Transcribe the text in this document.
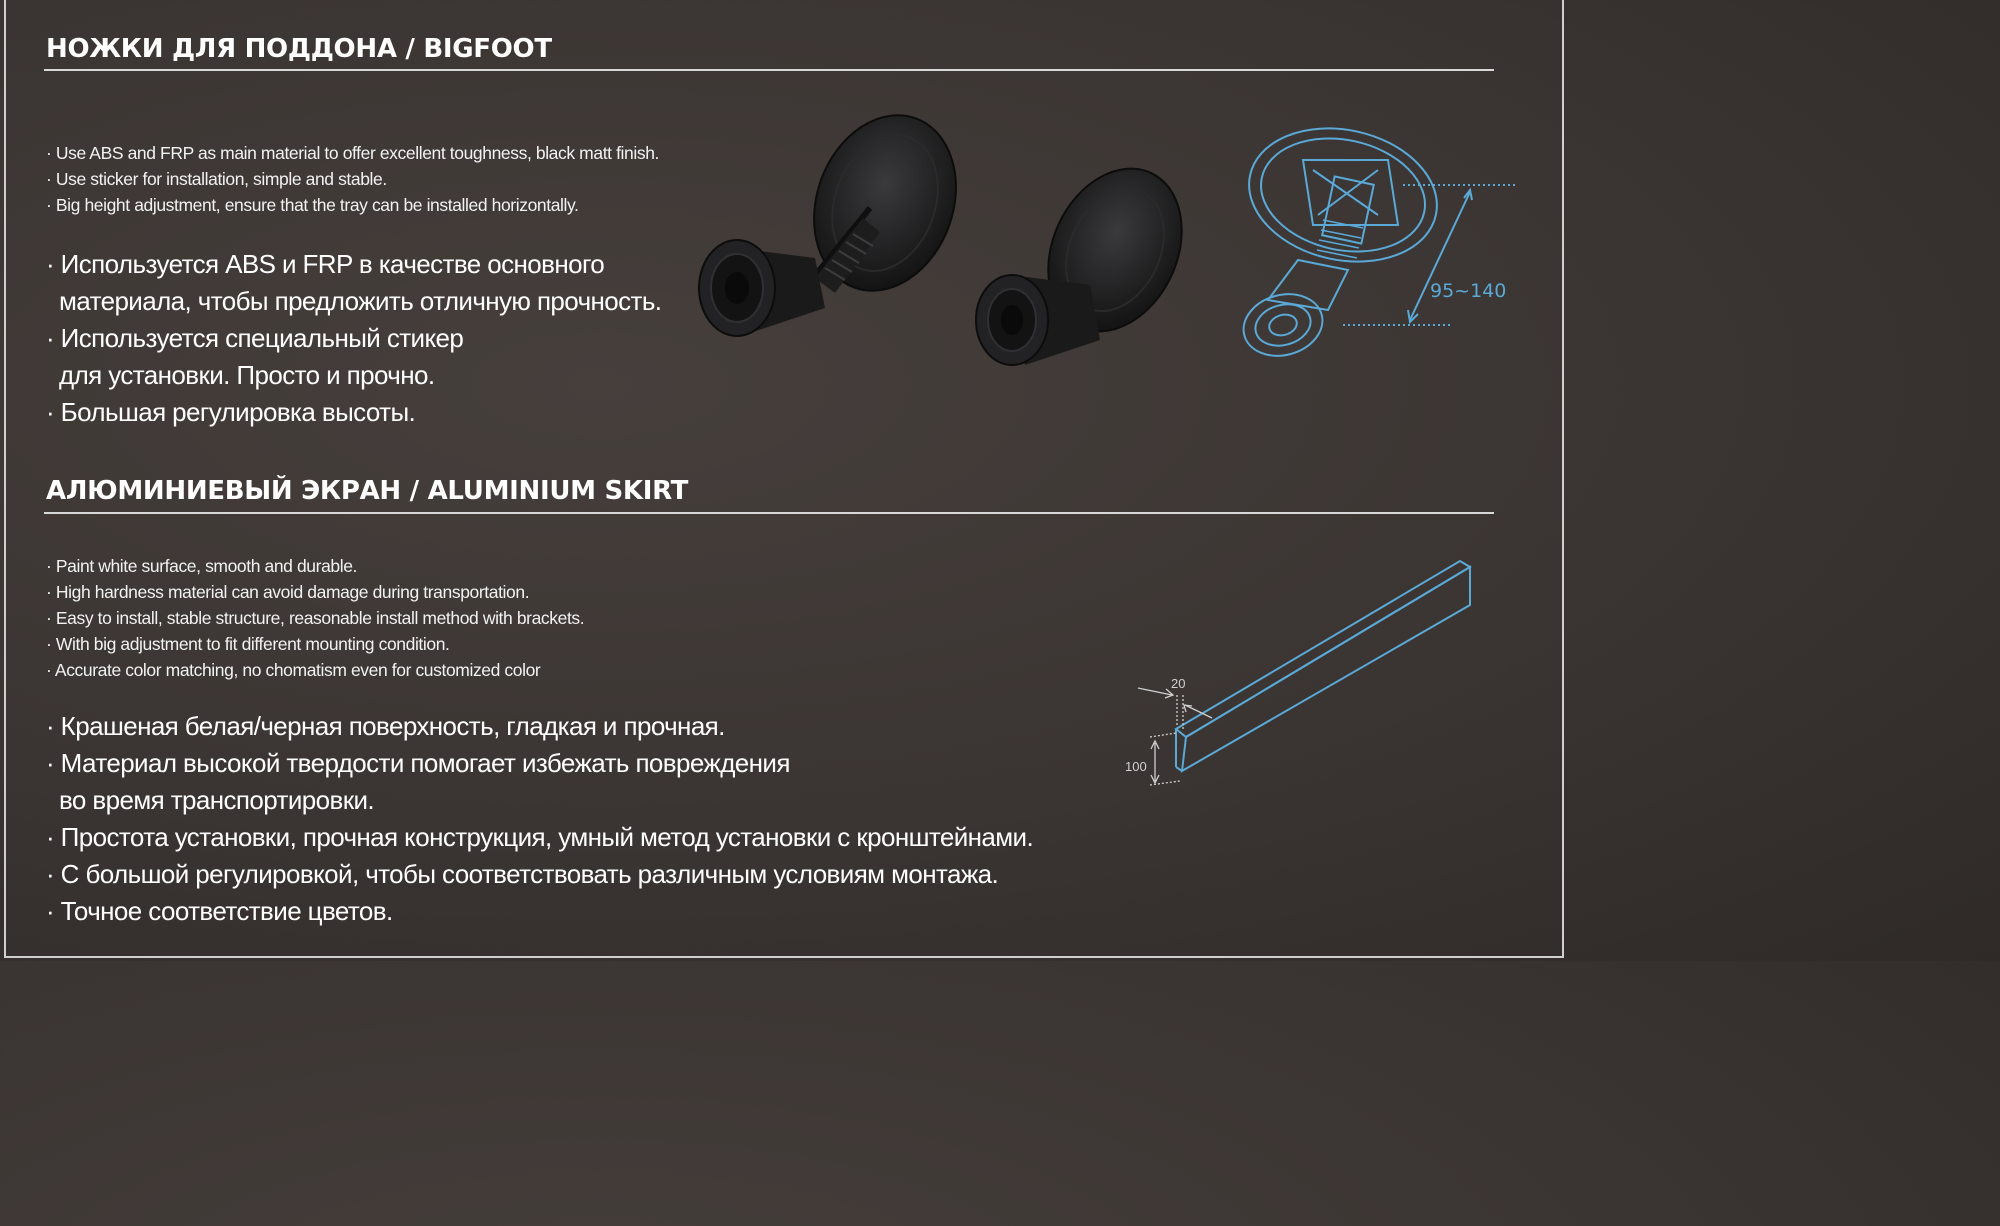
НОЖКИ ДЛЯ ПОДДОНА / BIGFOOT
· Use ABS and FRP as main material to offer excellent toughness, black matt finish.
· Use sticker for installation, simple and stable.
· Big height adjustment, ensure that the tray can be installed horizontally.
· Используется ABS и FRP в качестве основного
материала, чтобы предложить отличную прочность.
· Используется специальный стикер
для установки. Просто и прочно.
· Большая регулировка высоты.
95~140
АЛЮМИНИЕВЫЙ ЭКРАН / ALUMINIUM SKIRT
· Paint white surface, smooth and durable.
· High hardness material can avoid damage during transportation.
· Easy to install, stable structure, reasonable install method with brackets.
· With big adjustment to fit different mounting condition.
· Accurate color matching, no chomatism even for customized color
· Крашеная белая/черная поверхность, гладкая и прочная.
· Материал высокой твердости помогает избежать повреждения
во время транспортировки.
· Простота установки, прочная конструкция, умный метод установки с кронштейнами.
· С большой регулировкой, чтобы соответствовать различным условиям монтажа.
· Точное соответствие цветов.
20
100
